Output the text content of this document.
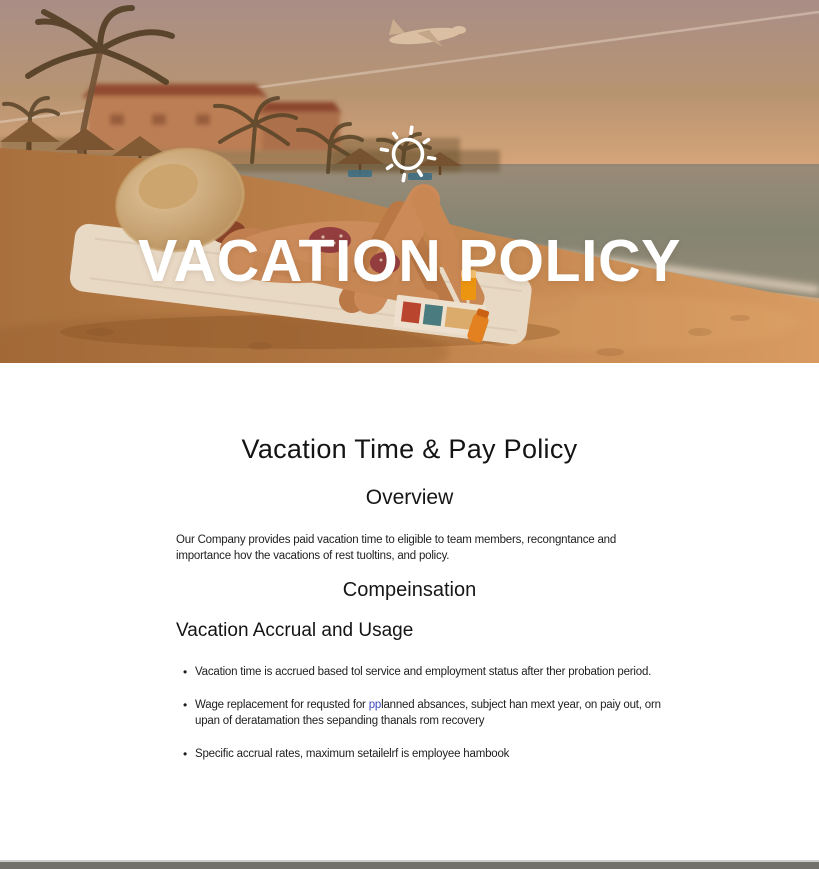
VACATION POLICY
Vacation Time & Pay Policy
Overview
Our Company provides paid vacation time to eligible to team members, recongntance and
importance hov the vacations of rest tuoltins, and policy.
Compeinsation
Vacation Accrual and Usage
• Vacation time is accrued based tol service and employment status after ther probation period.
• Wage replacement for requsted for pplanned absances, subject han mext year, on paiy out, orn upan of deratamation thes sepanding thanals rom recovery
• Specific accrual rates, maximum setailelrf is employee hambook
